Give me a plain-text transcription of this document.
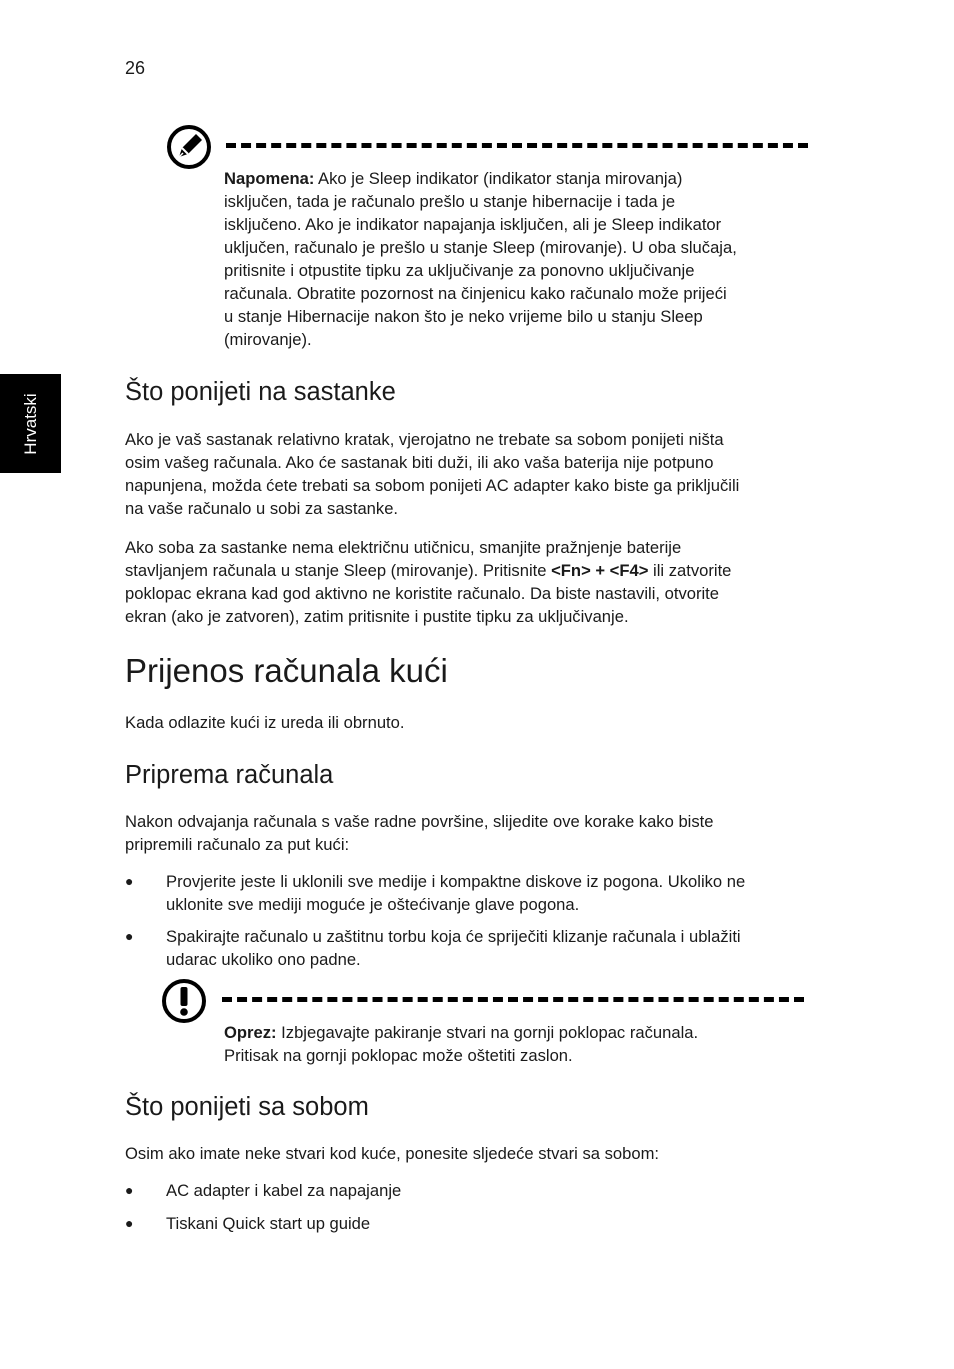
26
Hrvatski
Napomena: Ako je Sleep indikator (indikator stanja mirovanja)
isključen, tada je računalo prešlo u stanje hibernacije i tada je
isključeno. Ako je indikator napajanja isključen, ali je Sleep indikator
uključen, računalo je prešlo u stanje Sleep (mirovanje). U oba slučaja,
pritisnite i otpustite tipku za uključivanje za ponovno uključivanje
računala. Obratite pozornost na činjenicu kako računalo može prijeći
u stanje Hibernacije nakon što je neko vrijeme bilo u stanju Sleep
(mirovanje).
Što ponijeti na sastanke
Ako je vaš sastanak relativno kratak, vjerojatno ne trebate sa sobom ponijeti ništa
osim vašeg računala. Ako će sastanak biti duži, ili ako vaša baterija nije potpuno
napunjena, možda ćete trebati sa sobom ponijeti AC adapter kako biste ga priključili
na vaše računalo u sobi za sastanke.
Ako soba za sastanke nema električnu utičnicu, smanjite pražnjenje baterije
stavljanjem računala u stanje Sleep (mirovanje). Pritisnite <Fn> + <F4> ili zatvorite
poklopac ekrana kad god aktivno ne koristite računalo. Da biste nastavili, otvorite
ekran (ako je zatvoren), zatim pritisnite i pustite tipku za uključivanje.
Prijenos računala kući
Kada odlazite kući iz ureda ili obrnuto.
Priprema računala
Nakon odvajanja računala s vaše radne površine, slijedite ove korake kako biste
pripremili računalo za put kući:
● Provjerite jeste li uklonili sve medije i kompaktne diskove iz pogona. Ukoliko ne
uklonite sve mediji moguće je oštećivanje glave pogona.
● Spakirajte računalo u zaštitnu torbu koja će spriječiti klizanje računala i ublažiti
udarac ukoliko ono padne.
Oprez: Izbjegavajte pakiranje stvari na gornji poklopac računala.
Pritisak na gornji poklopac može oštetiti zaslon.
Što ponijeti sa sobom
Osim ako imate neke stvari kod kuće, ponesite sljedeće stvari sa sobom:
● AC adapter i kabel za napajanje
● Tiskani Quick start up guide
